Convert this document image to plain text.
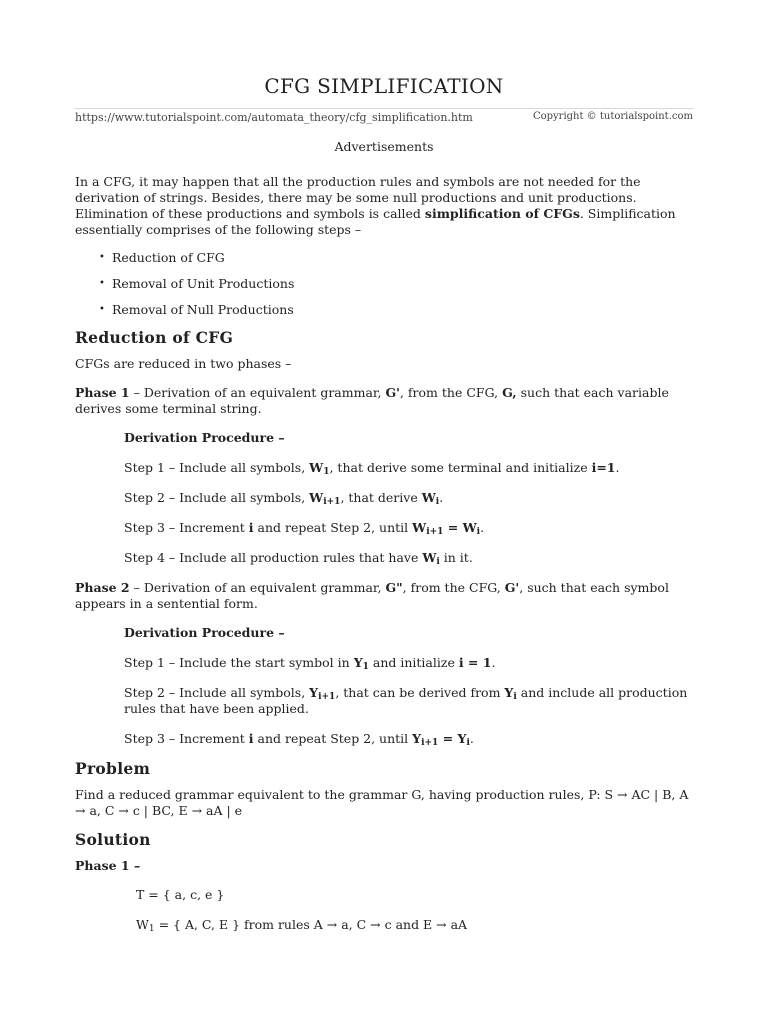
CFG SIMPLIFICATION
https://www.tutorialspoint.com/automata_theory/cfg_simplification.htm	Copyright © tutorialspoint.com
Advertisements

In a CFG, it may happen that all the production rules and symbols are not needed for the derivation of strings. Besides, there may be some null productions and unit productions. Elimination of these productions and symbols is called simplification of CFGs. Simplification essentially comprises of the following steps –

• Reduction of CFG
• Removal of Unit Productions
• Removal of Null Productions
Reduction of CFG

CFGs are reduced in two phases –

Phase 1 – Derivation of an equivalent grammar, G', from the CFG, G, such that each variable derives some terminal string.

Derivation Procedure –

Step 1 – Include all symbols, $W_1$, that derive some terminal and initialize i=1.

Step 2 – Include all symbols, $W_{i+1}$, that derive $W_i$.

Step 3 – Increment i and repeat Step 2, until $W_{i+1} = W_i$.

Step 4 – Include all production rules that have $W_i$ in it.

Phase 2 – Derivation of an equivalent grammar, G", from the CFG, G', such that each symbol appears in a sentential form.

Derivation Procedure –

Step 1 – Include the start symbol in $Y_1$ and initialize i = 1.

Step 2 – Include all symbols, $Y_{i+1}$, that can be derived from $Y_i$ and include all production rules that have been applied.

Step 3 – Increment i and repeat Step 2, until $Y_{i+1} = Y_i$.

Problem

Find a reduced grammar equivalent to the grammar G, having production rules, P: S → AC | B, A → a, C → c | BC, E → aA | e

Solution

Phase 1 –

T = { a, c, e }

$W_1$ = { A, C, E } from rules A → a, C → c and E → aA
